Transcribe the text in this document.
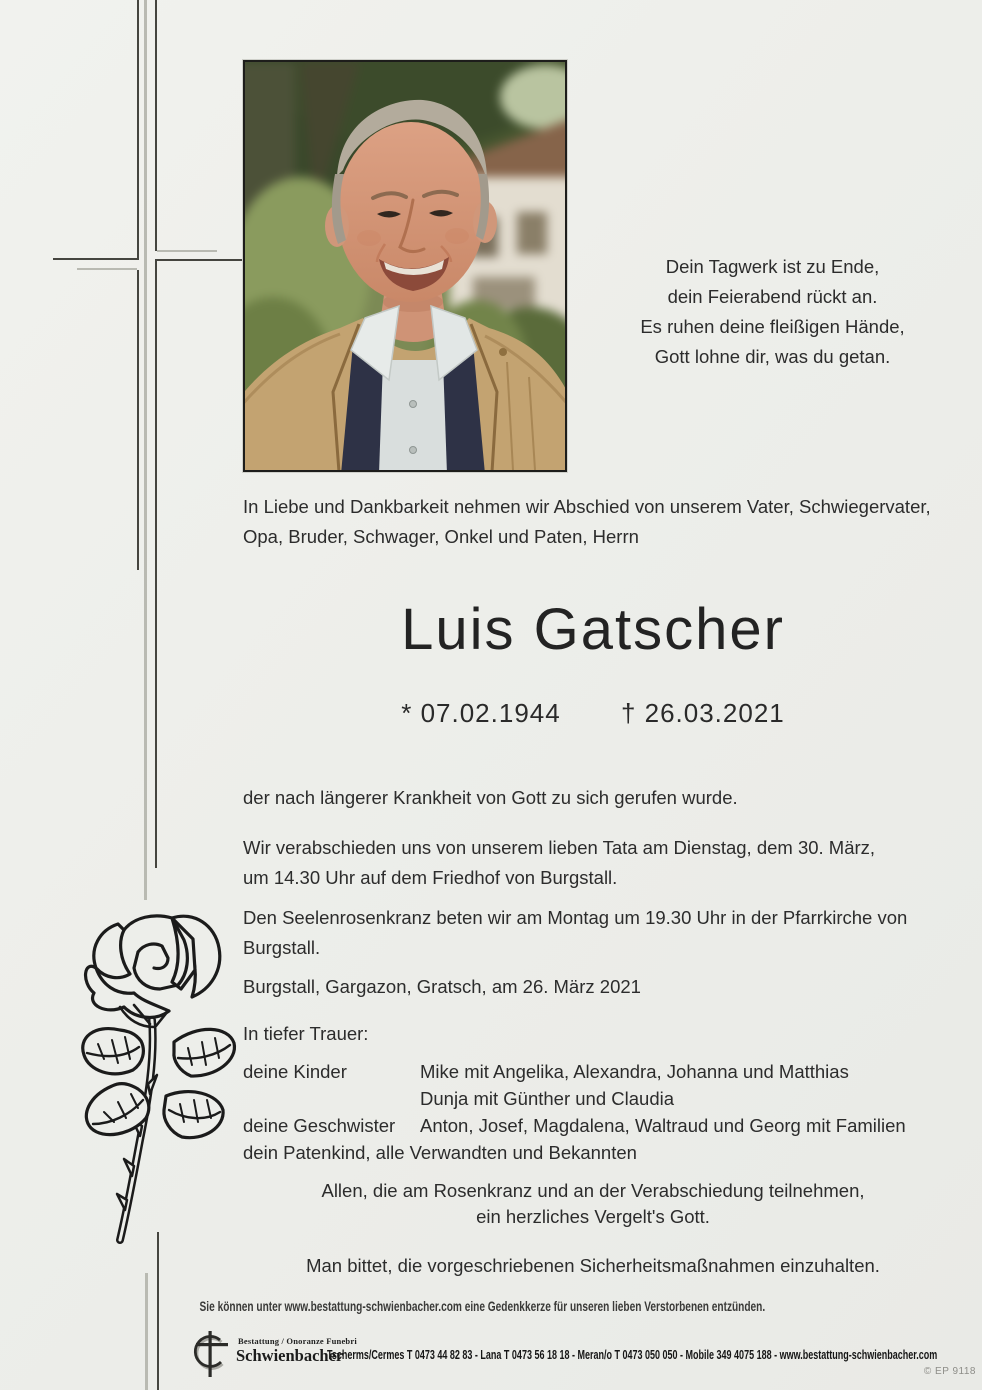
Dein Tagwerk ist zu Ende,
dein Feierabend rückt an.
Es ruhen deine fleißigen Hände,
Gott lohne dir, was du getan.
In Liebe und Dankbarkeit nehmen wir Abschied von unserem Vater, Schwiegervater,
Opa, Bruder, Schwager, Onkel und Paten, Herrn
Luis Gatscher
* 07.02.1944 † 26.03.2021
der nach längerer Krankheit von Gott zu sich gerufen wurde.
Wir verabschieden uns von unserem lieben Tata am Dienstag, dem 30. März,
um 14.30 Uhr auf dem Friedhof von Burgstall.
Den Seelenrosenkranz beten wir am Montag um 19.30 Uhr in der Pfarrkirche von
Burgstall.
Burgstall, Gargazon, Gratsch, am 26. März 2021
In tiefer Trauer:
deine Kinder	Mike mit Angelika, Alexandra, Johanna und Matthias
Dunja mit Günther und Claudia
deine Geschwister Anton, Josef, Magdalena, Waltraud und Georg mit Familien
dein Patenkind, alle Verwandten und Bekannten
Allen, die am Rosenkranz und an der Verabschiedung teilnehmen,
ein herzliches Vergelt's Gott.
Man bittet, die vorgeschriebenen Sicherheitsmaßnahmen einzuhalten.
Sie können unter www.bestattung-schwienbacher.com eine Gedenkkerze für unseren lieben Verstorbenen entzünden.
Bestattung / Onoranze Funebri
Schwienbacher
Tscherms/Cermes T 0473 44 82 83 - Lana T 0473 56 18 18 - Meran/o T 0473 050 050 - Mobile 349 4075 188 - www.bestattung-schwienbacher.com
© EP 9118
